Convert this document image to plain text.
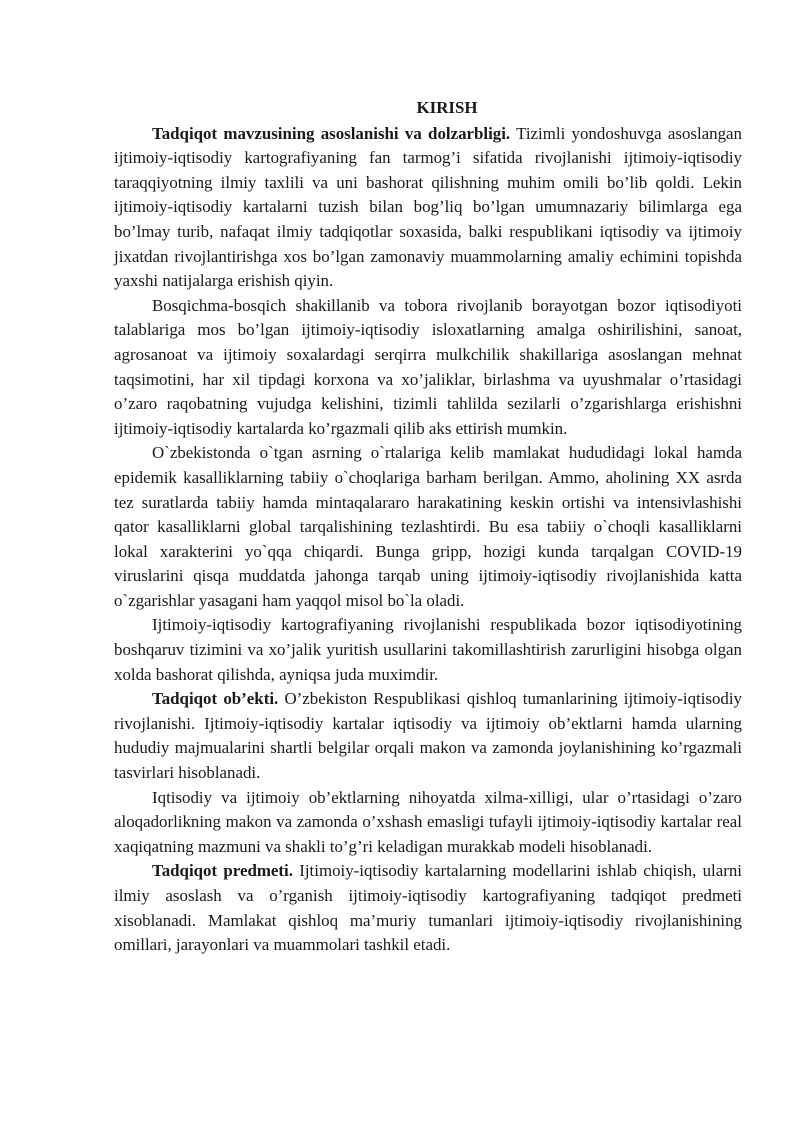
KIRISH

Tadqiqot mavzusining asoslanishi va dolzarbligi. Tizimli yondoshuvga asoslangan ijtimoiy-iqtisodiy kartografiyaning fan tarmog’i sifatida rivojlanishi ijtimoiy-iqtisodiy taraqqiyotning ilmiy taxlili va uni bashorat qilishning muhim omili bo’lib qoldi. Lekin ijtimoiy-iqtisodiy kartalarni tuzish bilan bog’liq bo’lgan umumnazariy bilimlarga ega bo’lmay turib, nafaqat ilmiy tadqiqotlar soxasida, balki respublikani iqtisodiy va ijtimoiy jixatdan rivojlantirishga xos bo’lgan zamonaviy muammolarning amaliy echimini topishda yaxshi natijalarga erishish qiyin.

Bosqichma-bosqich shakillanib va tobora rivojlanib borayotgan bozor iqtisodiyoti talablariga mos bo’lgan ijtimoiy-iqtisodiy isloxatlarning amalga oshirilishini, sanoat, agrosanoat va ijtimoiy soxalardagi serqirra mulkchilik shakillariga asoslangan mehnat taqsimotini, har xil tipdagi korxona va xo’jaliklar, birlashma va uyushmalar o’rtasidagi o’zaro raqobatning vujudga kelishini, tizimli tahlilda sezilarli o’zgarishlarga erishishni ijtimoiy-iqtisodiy kartalarda ko’rgazmali qilib aks ettirish mumkin.

O`zbekistonda o`tgan asrning o`rtalariga kelib mamlakat hududidagi lokal hamda epidemik kasalliklarning tabiiy o`choqlariga barham berilgan. Ammo, aholining XX asrda tez suratlarda tabiiy hamda mintaqalararo harakatining keskin ortishi va intensivlashishi qator kasalliklarni global tarqalishining tezlashtirdi. Bu esa tabiiy o`choqli kasalliklarni lokal xarakterini yo`qqa chiqardi. Bunga gripp, hozigi kunda tarqalgan COVID-19 viruslarini qisqa muddatda jahonga tarqab uning ijtimoiy-iqtisodiy rivojlanishida katta o`zgarishlar yasagani ham yaqqol misol bo`la oladi.

Ijtimoiy-iqtisodiy kartografiyaning rivojlanishi respublikada bozor iqtisodiyotining boshqaruv tizimini va xo’jalik yuritish usullarini takomillashtirish zarurligini hisobga olgan xolda bashorat qilishda, ayniqsa juda muximdir.

Tadqiqot ob’ekti. O’zbekiston Respublikasi qishloq tumanlarining ijtimoiy-iqtisodiy rivojlanishi. Ijtimoiy-iqtisodiy kartalar iqtisodiy va ijtimoiy ob’ektlarni hamda ularning hududiy majmualarini shartli belgilar orqali makon va zamonda joylanishining ko’rgazmali tasvirlari hisoblanadi.

Iqtisodiy va ijtimoiy ob’ektlarning nihoyatda xilma-xilligi, ular o’rtasidagi o’zaro aloqadorlikning makon va zamonda o’xshash emasligi tufayli ijtimoiy-iqtisodiy kartalar real xaqiqatning mazmuni va shakli to’g’ri keladigan murakkab modeli hisoblanadi.

Tadqiqot predmeti. Ijtimoiy-iqtisodiy kartalarning modellarini ishlab chiqish, ularni ilmiy asoslash va o’rganish ijtimoiy-iqtisodiy kartografiyaning tadqiqot predmeti xisoblanadi. Mamlakat qishloq ma’muriy tumanlari ijtimoiy-iqtisodiy rivojlanishining omillari, jarayonlari va muammolari tashkil etadi.
